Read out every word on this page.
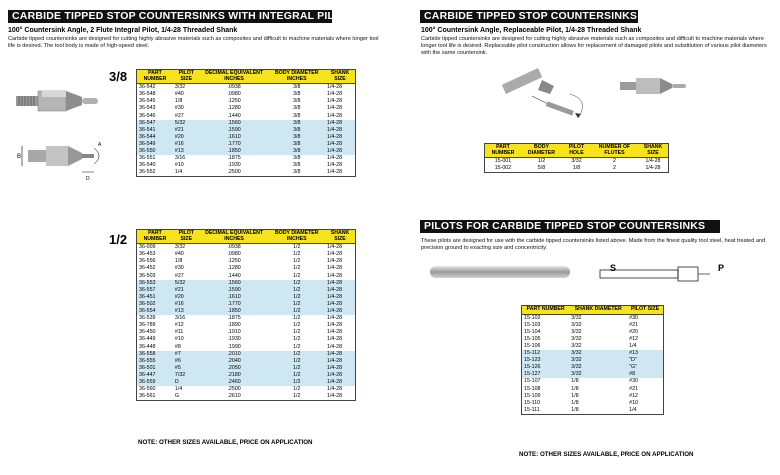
CARBIDE TIPPED STOP COUNTERSINKS WITH INTEGRAL PILOT
100° Countersink Angle, 2 Flute Integral Pilot, 1/4-28 Threaded Shank
Carbide tipped countersinks are designed for cutting highly abrasive materials such as composites and difficult to machine materials where longer tool life is desired. The tool body is made of high-speed steel.
3/8
B
A
D
PART NUMBER	PILOT SIZE	DECIMAL EQUIVALENT INCHES	BODY DIAMETER INCHES	SHANK SIZE
36-542	3/32	.0938	3/8	1/4-28
36-548	#40	.0980	3/8	1/4-28
36-545	1/8	.1250	3/8	1/4-28
36-543	#30	.1280	3/8	1/4-28
36-546	#27	.1440	3/8	1/4-28
36-547	5/32	.1560	3/8	1/4-28
36-541	#21	.1590	3/8	1/4-28
36-544	#20	.1610	3/8	1/4-28
36-549	#16	.1770	3/8	1/4-28
36-550	#13	.1850	3/8	1/4-28
36-551	3/16	.1875	3/8	1/4-28
36-540	#10	.1930	3/8	1/4-28
36-552	1/4	.2500	3/8	1/4-28
1/2	PART NUMBER	PILOT SIZE	DECIMAL EQUIVALENT INCHES	BODY DIAMETER INCHES	SHANK SIZE
36-009	3/32	.0938	1/2	1/4-28
36-453	#40	.0980	1/2	1/4-28
36-556	1/8	.1250	1/2	1/4-28
36-452	#30	.1280	1/2	1/4-28
36-503	#27	.1440	1/2	1/4-28
36-553	5/32	.1560	1/2	1/4-28
36-557	#21	.1590	1/2	1/4-28
36-451	#20	.1610	1/2	1/4-28
36-502	#16	.1770	1/2	1/4-28
36-554	#13	.1850	1/2	1/4-28
36-539	3/16	.1875	1/2	1/4-28
36-789	#12	.1890	1/2	1/4-28
36-450	#11	.1910	1/2	1/4-28
36-449	#10	.1930	1/2	1/4-28
36-448	#8	.1990	1/2	1/4-28
36-558	#7	.2010	1/2	1/4-28
36-555	#6	.2040	1/2	1/4-28
36-501	#5	.2050	1/2	1/4-28
36-447	7/32	.2180	1/2	1/4-28
36-559	D	.2460	1/2	1/4-28
36-560	1/4	.2500	1/2	1/4-28
36-561	G	.2610	1/2	1/4-28
NOTE: OTHER SIZES AVAILABLE, PRICE ON APPLICATION
CARBIDE TIPPED STOP COUNTERSINKS
100° Countersink Angle, Replaceable Pilot, 1/4-28 Threaded Shank
Carbide tipped countersinks are designed for cutting highly abrasive materials such as composites and difficult to machine materials where longer tool life is desired. Replaceable pilot construction allows for replacement of damaged pilots and substitution of various pilot diameters with the same countersink.
PART NUMBER	BODY DIAMETER	PILOT HOLE	NUMBER OF FLUTES	SHANK SIZE
15-001	1/2	3/32	2	1/4-28
15-002	5/8	1/8	2	1/4-28
PILOTS FOR CARBIDE TIPPED STOP COUNTERSINKS
These pilots are designed for use with the carbide tipped countersinks listed above. Made from the finest quality tool steel, heat treated and precision ground to exacting size and concentricity.
S	P
PART NUMBER	SHANK DIAMETER	PILOT SIZE
15-102	3/32	#30
15-103	3/32	#21
15-104	3/32	#20
15-105	3/32	#12
15-106	3/32	1/4
15-112	3/32	#13
15-123	3/32	"D"
15-126	3/32	"G"
15-127	3/32	#8
15-107	1/8	#30
15-108	1/8	#21
15-109	1/8	#12
15-110	1/8	#10
15-111	1/8	1/4
NOTE: OTHER SIZES AVAILABLE, PRICE ON APPLICATION
